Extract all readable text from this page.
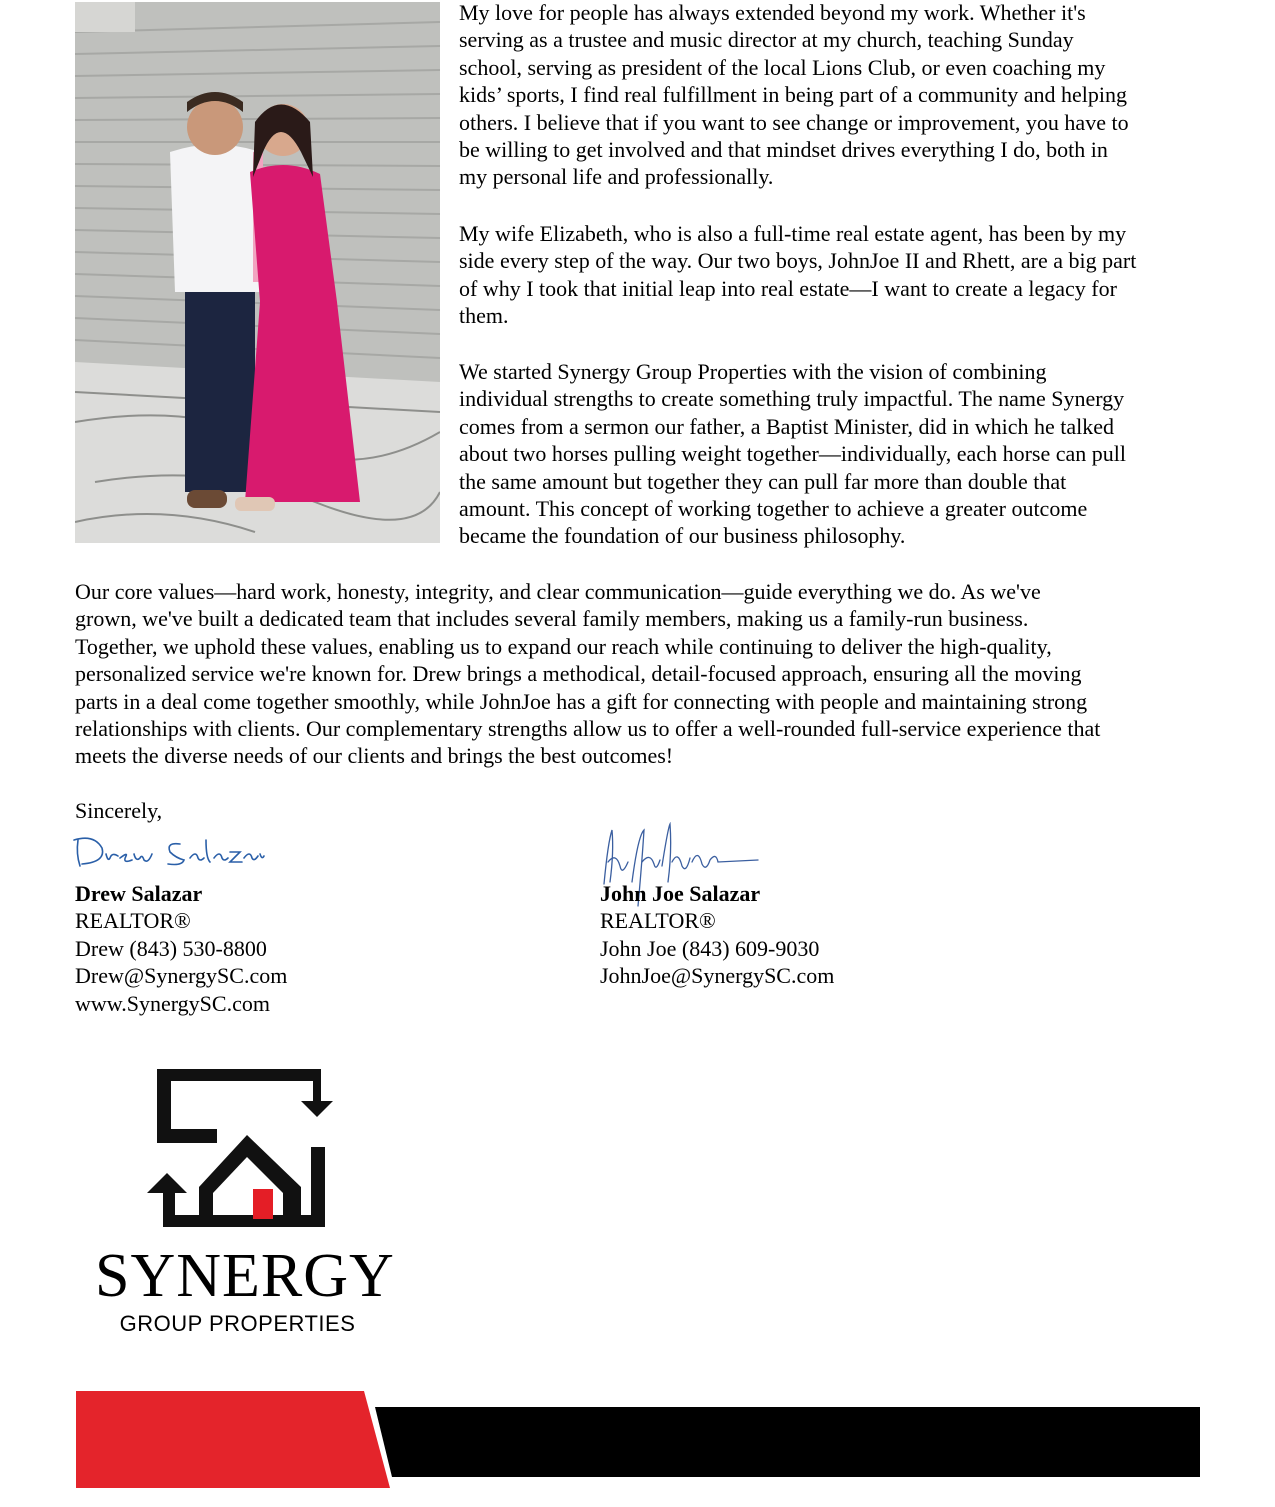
My love for people has always extended beyond my work. Whether it's
serving as a trustee and music director at my church, teaching Sunday
school, serving as president of the local Lions Club, or even coaching my
kids’ sports, I find real fulfillment in being part of a community and helping
others. I believe that if you want to see change or improvement, you have to
be willing to get involved and that mindset drives everything I do, both in
my personal life and professionally.

My wife Elizabeth, who is also a full-time real estate agent, has been by my
side every step of the way. Our two boys, JohnJoe II and Rhett, are a big part
of why I took that initial leap into real estate—I want to create a legacy for
them.

We started Synergy Group Properties with the vision of combining
individual strengths to create something truly impactful. The name Synergy
comes from a sermon our father, a Baptist Minister, did in which he talked
about two horses pulling weight together—individually, each horse can pull
the same amount but together they can pull far more than double that
amount. This concept of working together to achieve a greater outcome
became the foundation of our business philosophy.

Our core values—hard work, honesty, integrity, and clear communication—guide everything we do. As we've
grown, we've built a dedicated team that includes several family members, making us a family-run business.
Together, we uphold these values, enabling us to expand our reach while continuing to deliver the high-quality,
personalized service we're known for. Drew brings a methodical, detail-focused approach, ensuring all the moving
parts in a deal come together smoothly, while JohnJoe has a gift for connecting with people and maintaining strong
relationships with clients. Our complementary strengths allow us to offer a well-rounded full-service experience that
meets the diverse needs of our clients and brings the best outcomes!

Sincerely,

Drew Salazar
REALTOR®
Drew (843) 530-8800
Drew@SynergySC.com
www.SynergySC.com
John Joe Salazar
REALTOR®
John Joe (843) 609-9030
JohnJoe@SynergySC.com
SYNERGY
GROUP PROPERTIES
